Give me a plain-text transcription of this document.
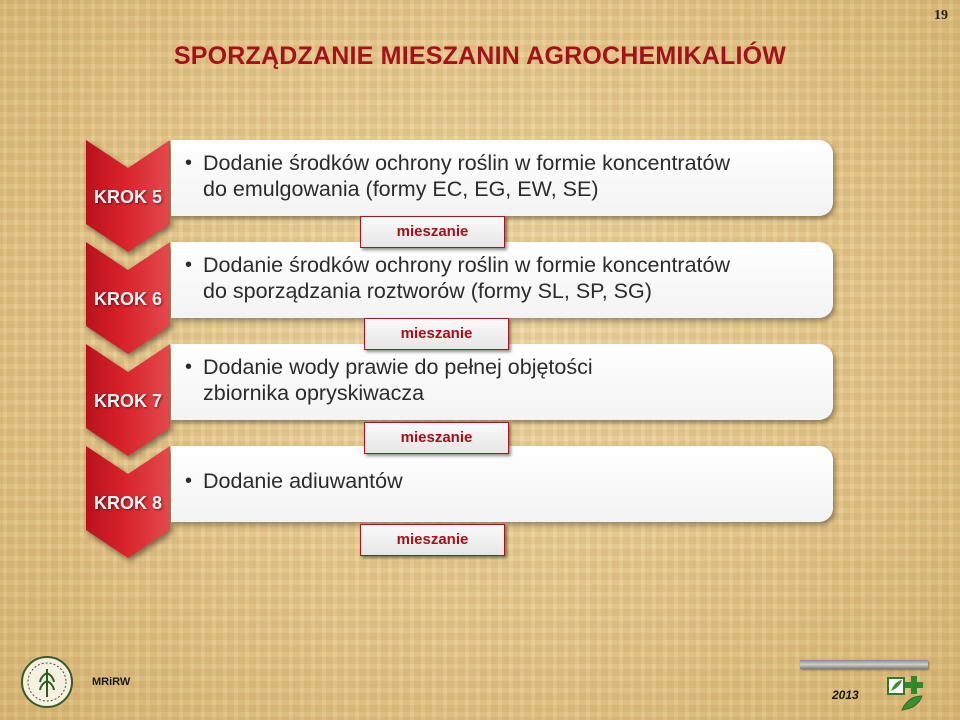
19
SPORZĄDZANIE MIESZANIN AGROCHEMIKALIÓW
KROK 5
KROK 6
KROK 7
KROK 8
• Dodanie środków ochrony roślin w formie koncentratów
do emulgowania (formy EC, EG, EW, SE)
• Dodanie środków ochrony roślin w formie koncentratów
do sporządzania roztworów (formy SL, SP, SG)
• Dodanie wody prawie do pełnej objętości
zbiornika opryskiwacza
• Dodanie adiuwantów
mieszanie
mieszanie
mieszanie
mieszanie
MRiRW
2013
